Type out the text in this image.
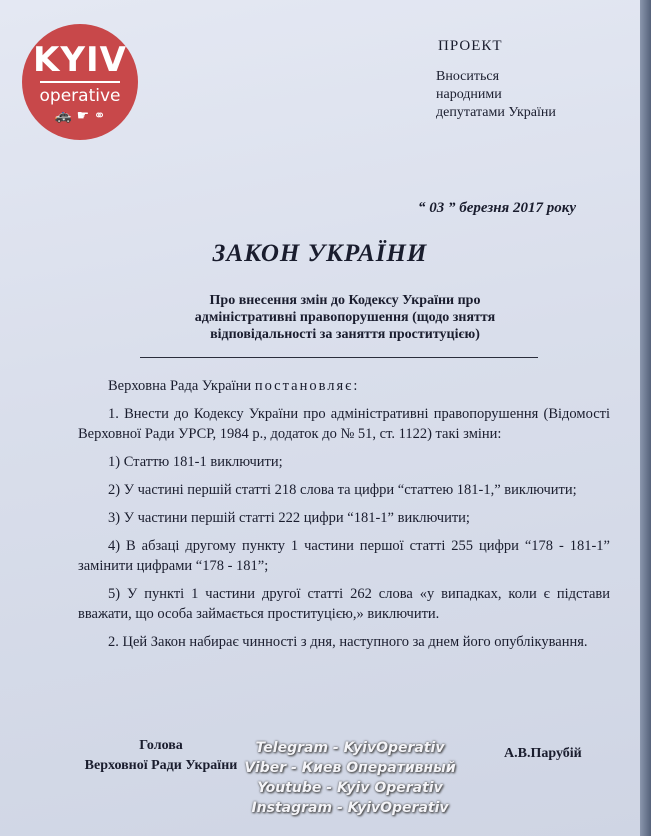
KYIV
operative
🚓 ☛ ⚭
ПРОЕКТ
Вноситься
народними
депутатами України
“ 03 ” березня 2017 року
ЗАКОН УКРАЇНИ
Про внесення змін до Кодексу України про
адміністративні правопорушення (щодо зняття
відповідальності за заняття проституцією)

Верховна Рада України постановляє:

1. Внести до Кодексу України про адміністративні правопорушення (Відомості Верховної Ради УРСР, 1984 р., додаток до № 51, ст. 1122) такі зміни:

1) Статтю 181-1 виключити;

2) У частині першій статті 218 слова та цифри “статтею 181-1,” виключити;

3) У частини першій статті 222 цифри “181-1” виключити;

4) В абзаці другому пункту 1 частини першої статті 255 цифри “178 - 181-1” замінити цифрами “178 - 181”;

5) У пункті 1 частини другої статті 262 слова «у випадках, коли є підстави вважати, що особа займається проституцією,» виключити.

2. Цей Закон набирає чинності з дня, наступного за днем його опублікування.

Голова
Верховної Ради України
А.В.Парубій
Telegram - KyivOperativ
Viber - Киев Оперативный
Youtube - Kyiv Operativ
Instagram - KyivOperativ
